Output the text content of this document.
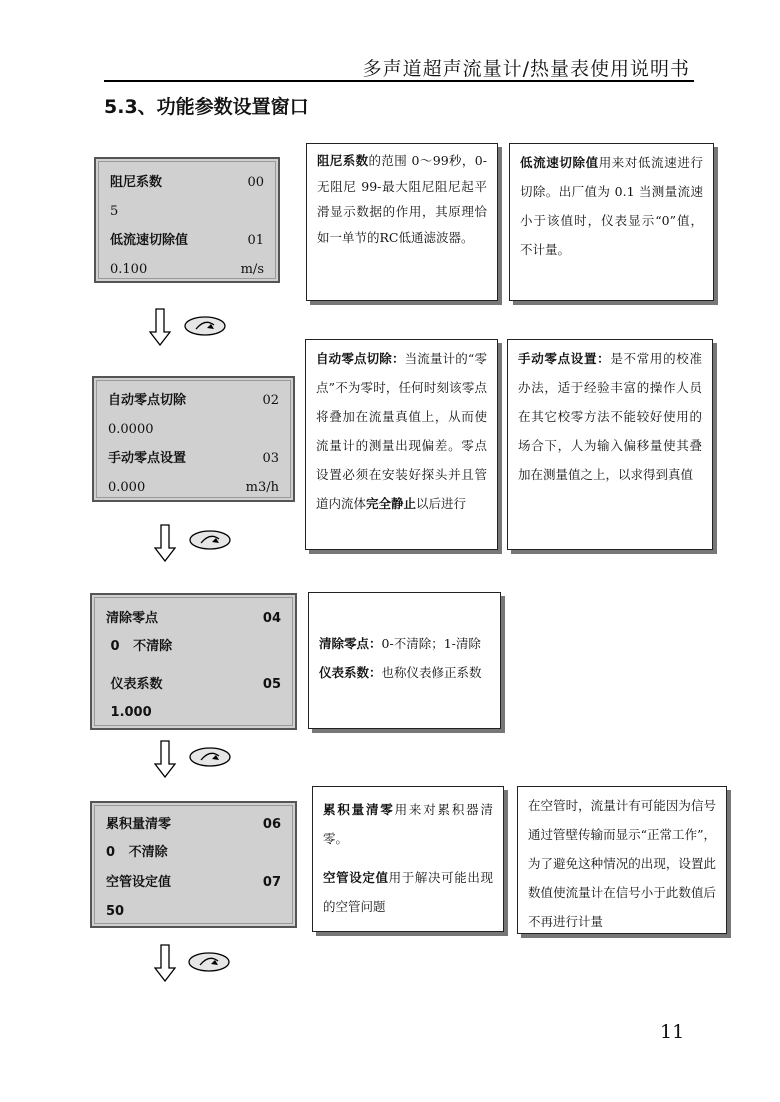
多声道超声流量计/热量表使用说明书
5.3、功能参数设置窗口
阻尼系数	00
5
低流速切除值	01
0.100	m/s

阻尼系数的范围 0～99秒，0-无阻尼 99-最大阻尼阻尼起平滑显示数据的作用，其原理恰如一单节的RC低通滤波器。

低流速切除值用来对低流速进行切除。出厂值为 0.1 当测量流速小于该值时，仪表显示“0”值，不计量。

自动零点切除	02
0.0000
手动零点设置	03
0.000	m3/h

自动零点切除：当流量计的“零点”不为零时，任何时刻该零点将叠加在流量真值上，从而使流量计的测量出现偏差。零点设置必须在安装好探头并且管道内流体完全静止以后进行

手动零点设置：是不常用的校准办法，适于经验丰富的操作人员在其它校零方法不能较好使用的场合下，人为输入偏移量使其叠加在测量值之上，以求得到真值

清除零点	04
0   不清除
仪表系数	05
1.000

清除零点：0-不清除；1-清除

仪表系数：也称仪表修正系数

累积量清零	06
0   不清除
空管设定值	07
50

累积量清零用来对累积器清零。

空管设定值用于解决可能出现的空管问题

在空管时，流量计有可能因为信号通过管壁传输而显示“正常工作”，为了避免这种情况的出现，设置此数值使流量计在信号小于此数值后不再进行计量

11
